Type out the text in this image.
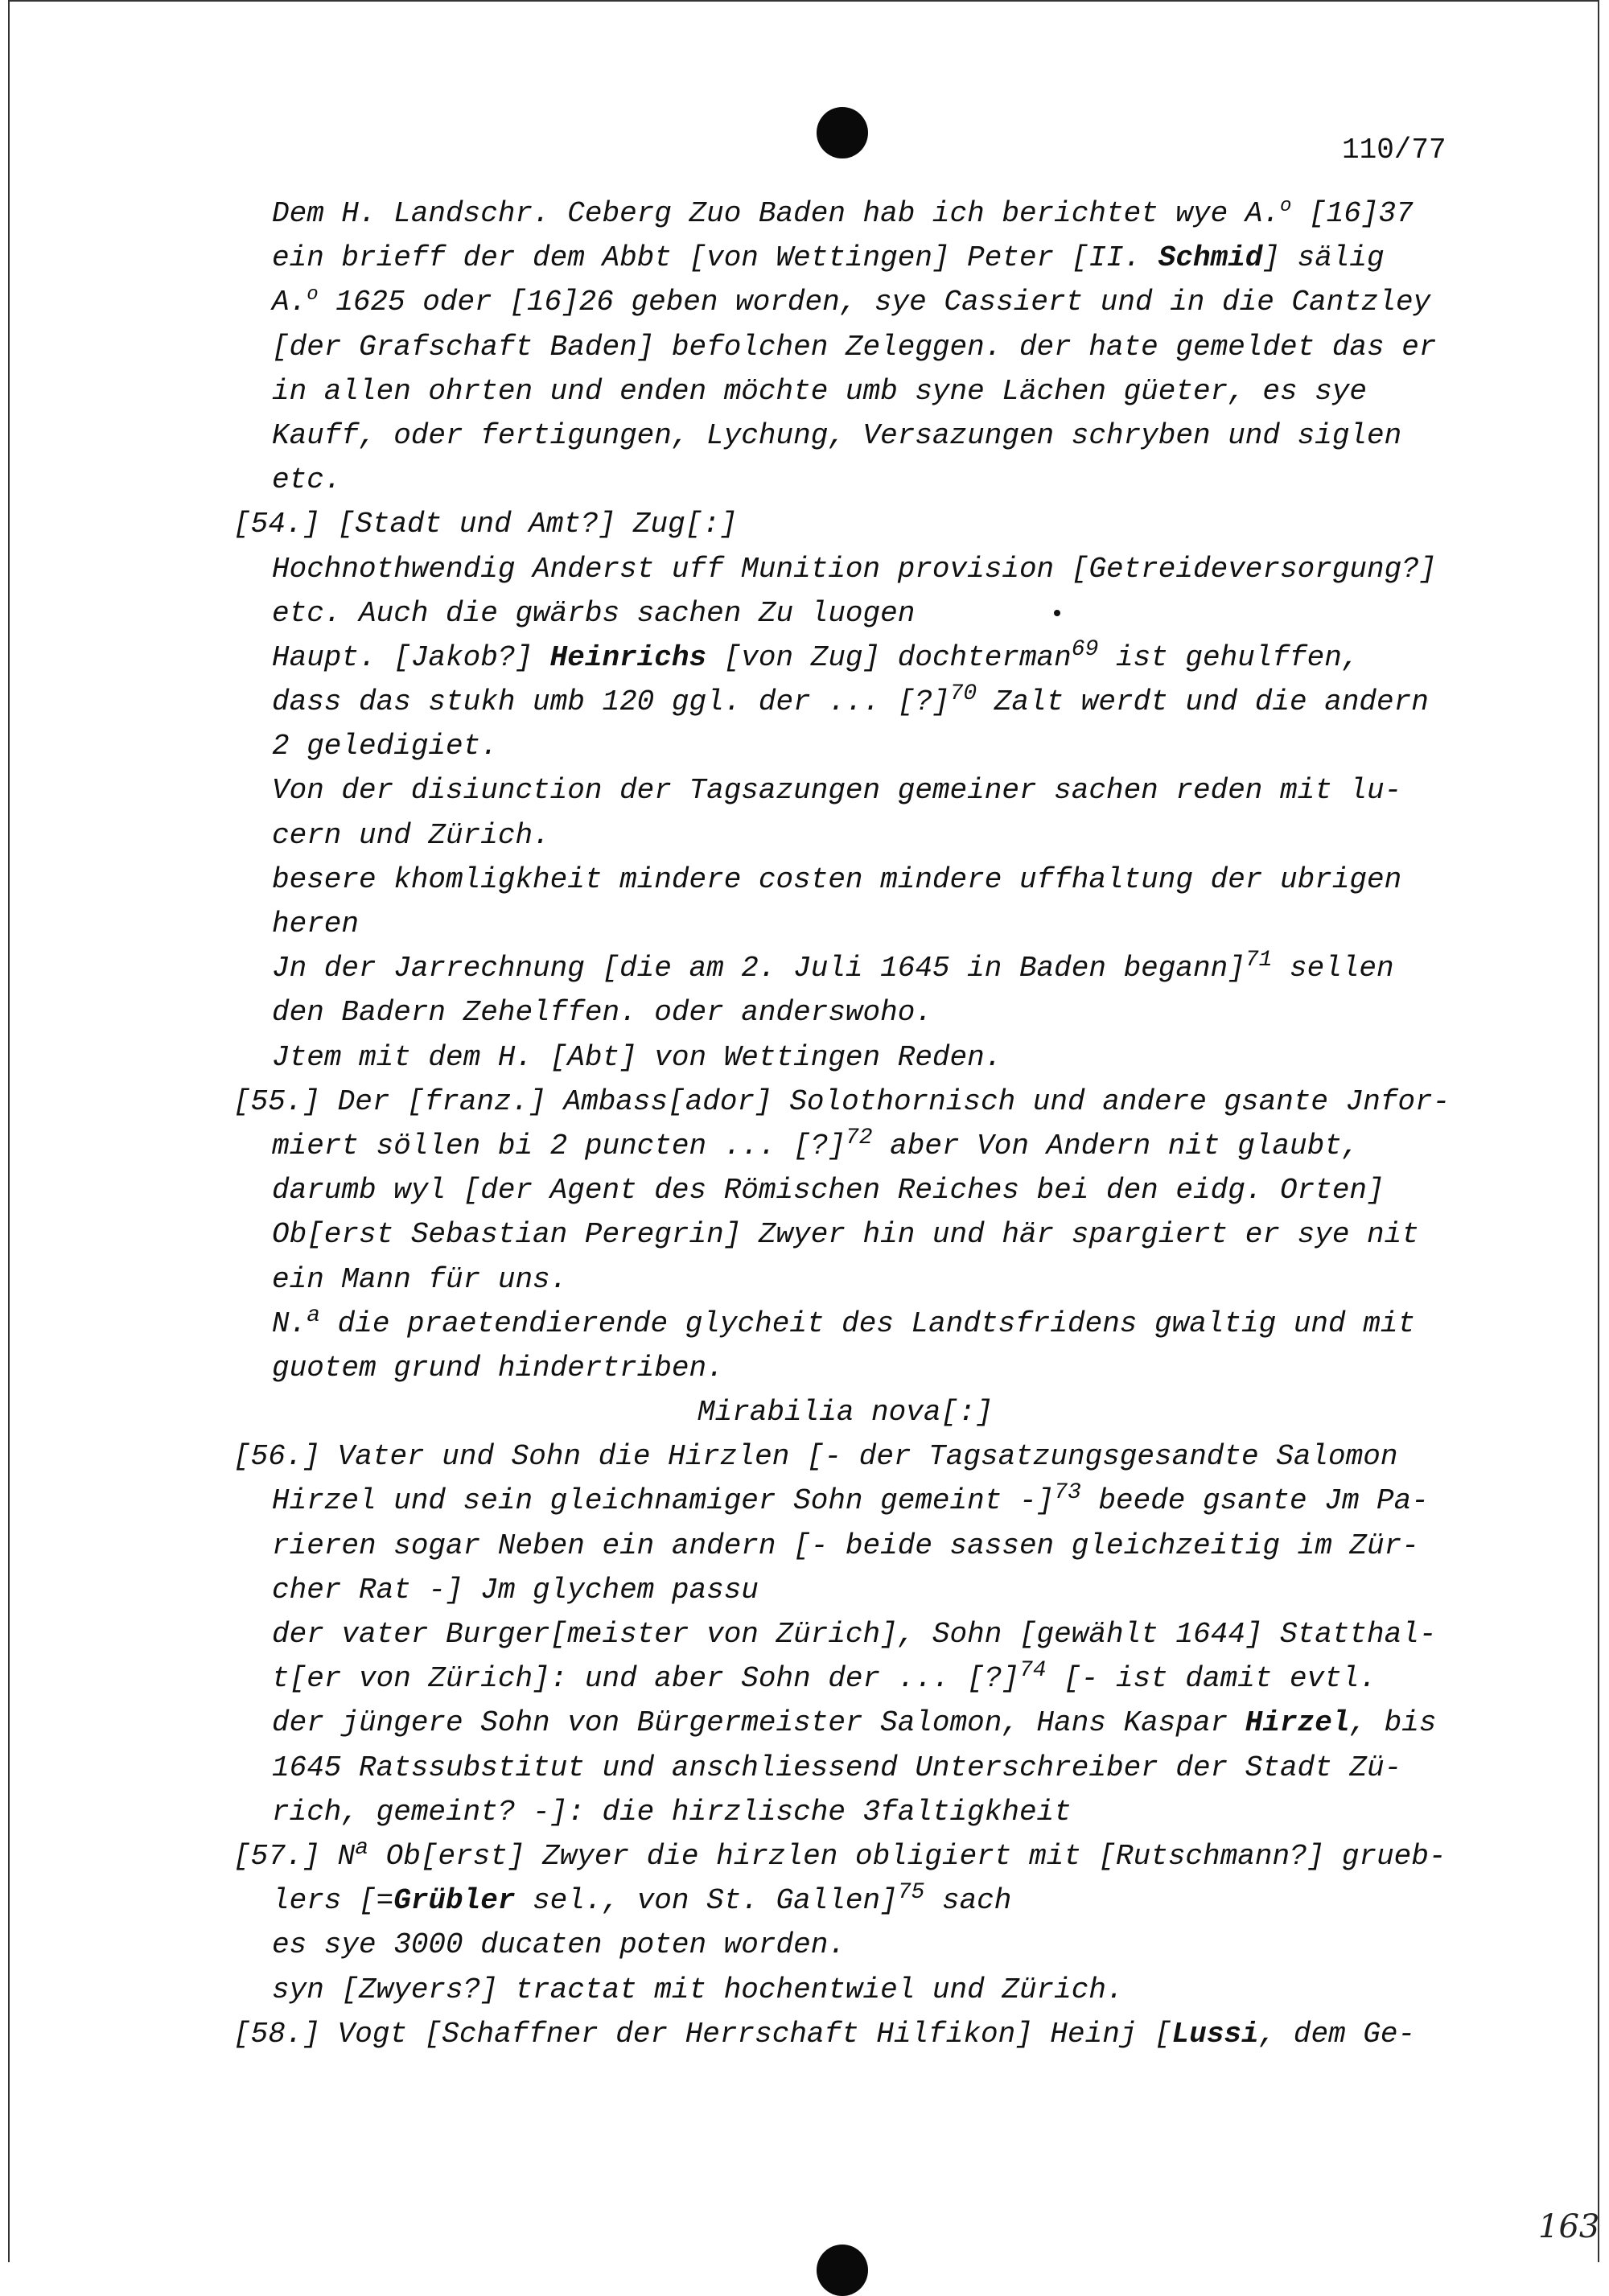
110/77
Dem H. Landschr. Ceberg Zuo Baden hab ich berichtet wye A.$^o$ [16]37
ein brieff der dem Abbt [von Wettingen] Peter [II. Schmid] sälig
A.$^o$ 1625 oder [16]26 geben worden, sye Cassiert und in die Cantzley
[der Grafschaft Baden] befolchen Zeleggen. der hate gemeldet das er
in allen ohrten und enden möchte umb syne Lächen güeter, es sye
Kauff, oder fertigungen, Lychung, Versazungen schryben und siglen
etc.
[54.] [Stadt und Amt?] Zug[:]
Hochnothwendig Anderst uff Munition provision [Getreideversorgung?]
etc. Auch die gwärbs sachen Zu luogen
Haupt. [Jakob?] Heinrichs [von Zug] dochterman$^{69}$ ist gehulffen,
dass das stukh umb 120 ggl. der ... [?]$^{70}$ Zalt werdt und die andern
2 geledigiet.
Von der disiunction der Tagsazungen gemeiner sachen reden mit lu-
cern und Zürich.
besere khomligkheit mindere costen mindere uffhaltung der ubrigen
heren
Jn der Jarrechnung [die am 2. Juli 1645 in Baden begann]$^{71}$ sellen
den Badern Zehelffen. oder anderswoho.
Jtem mit dem H. [Abt] von Wettingen Reden.
[55.] Der [franz.] Ambass[ador] Solothornisch und andere gsante Jnfor-
miert söllen bi 2 puncten ... [?]$^{72}$ aber Von Andern nit glaubt,
darumb wyl [der Agent des Römischen Reiches bei den eidg. Orten]
Ob[erst Sebastian Peregrin] Zwyer hin und här spargiert er sye nit
ein Mann für uns.
N.$^a$ die praetendierende glycheit des Landtsfridens gwaltig und mit
guotem grund hindertriben.
Mirabilia nova[:]
[56.] Vater und Sohn die Hirzlen [- der Tagsatzungsgesandte Salomon
Hirzel und sein gleichnamiger Sohn gemeint -]$^{73}$ beede gsante Jm Pa-
rieren sogar Neben ein andern [- beide sassen gleichzeitig im Zür-
cher Rat -] Jm glychem passu
der vater Burger[meister von Zürich], Sohn [gewählt 1644] Statthal-
t[er von Zürich]: und aber Sohn der ... [?]$^{74}$ [- ist damit evtl.
der jüngere Sohn von Bürgermeister Salomon, Hans Kaspar Hirzel, bis
1645 Ratssubstitut und anschliessend Unterschreiber der Stadt Zü-
rich, gemeint? -]: die hirzlische 3faltigkheit
[57.] $N^a$ Ob[erst] Zwyer die hirzlen obligiert mit [Rutschmann?] grueb-
lers [=Grübler sel., von St. Gallen]$^{75}$ sach
es sye 3000 ducaten poten worden.
syn [Zwyers?] tractat mit hochentwiel und Zürich.
[58.] Vogt [Schaffner der Herrschaft Hilfikon] Heinj [Lussi, dem Ge-
163
